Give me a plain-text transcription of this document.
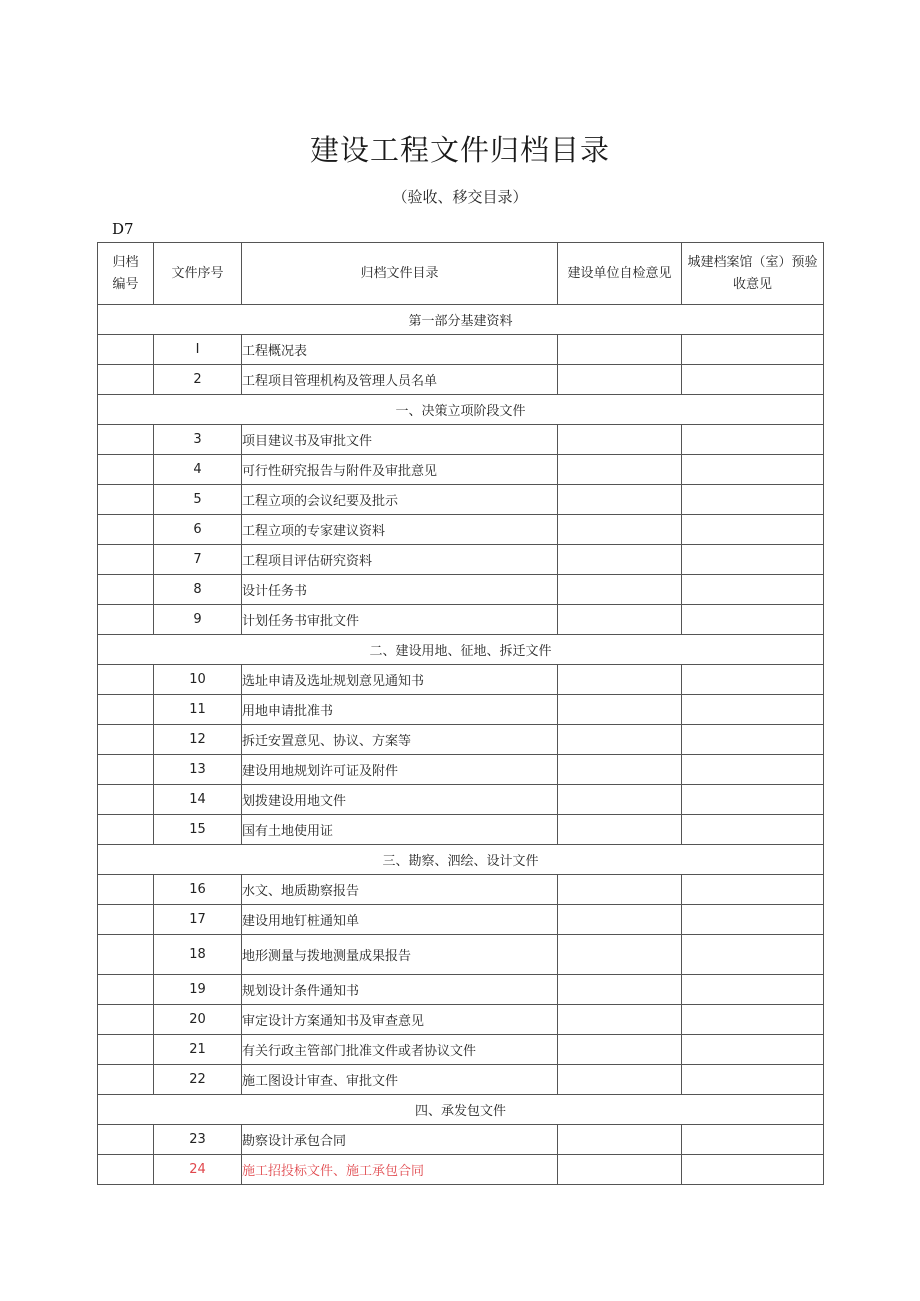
建设工程文件归档目录
（验收、移交目录）
D7
归档
编号	文件序号	归档文件目录	建设单位自检意见	城建档案馆（室）预验收意见
第一部分基建资料				
	I	工程概况表		
	2	工程项目管理机构及管理人员名单		
一、决策立项阶段文件				
	3	项目建议书及审批文件		
	4	可行性研究报告与附件及审批意见		
	5	工程立项的会议纪要及批示		
	6	工程立项的专家建议资料		
	7	工程项目评估研究资料		
	8	设计任务书		
	9	计划任务书审批文件		
二、建设用地、征地、拆迁文件				
	10	选址申请及选址规划意见通知书		
	11	用地申请批准书		
	12	拆迁安置意见、协议、方案等		
	13	建设用地规划许可证及附件		
	14	划拨建设用地文件		
	15	国有土地使用证		
三、勘察、泗绘、设计文件				
	16	水文、地质勘察报告		
	17	建设用地钉桩通知单		
	18	地形测量与拨地测量成果报告		
	19	规划设计条件通知书		
	20	审定设计方案通知书及审查意见		
	21	有关行政主管部门批准文件或者协议文件		
	22	施工图设计审查、审批文件		
四、承发包文件				
	23	勘察设计承包合同		
	24	施工招投标文件、施工承包合同		
